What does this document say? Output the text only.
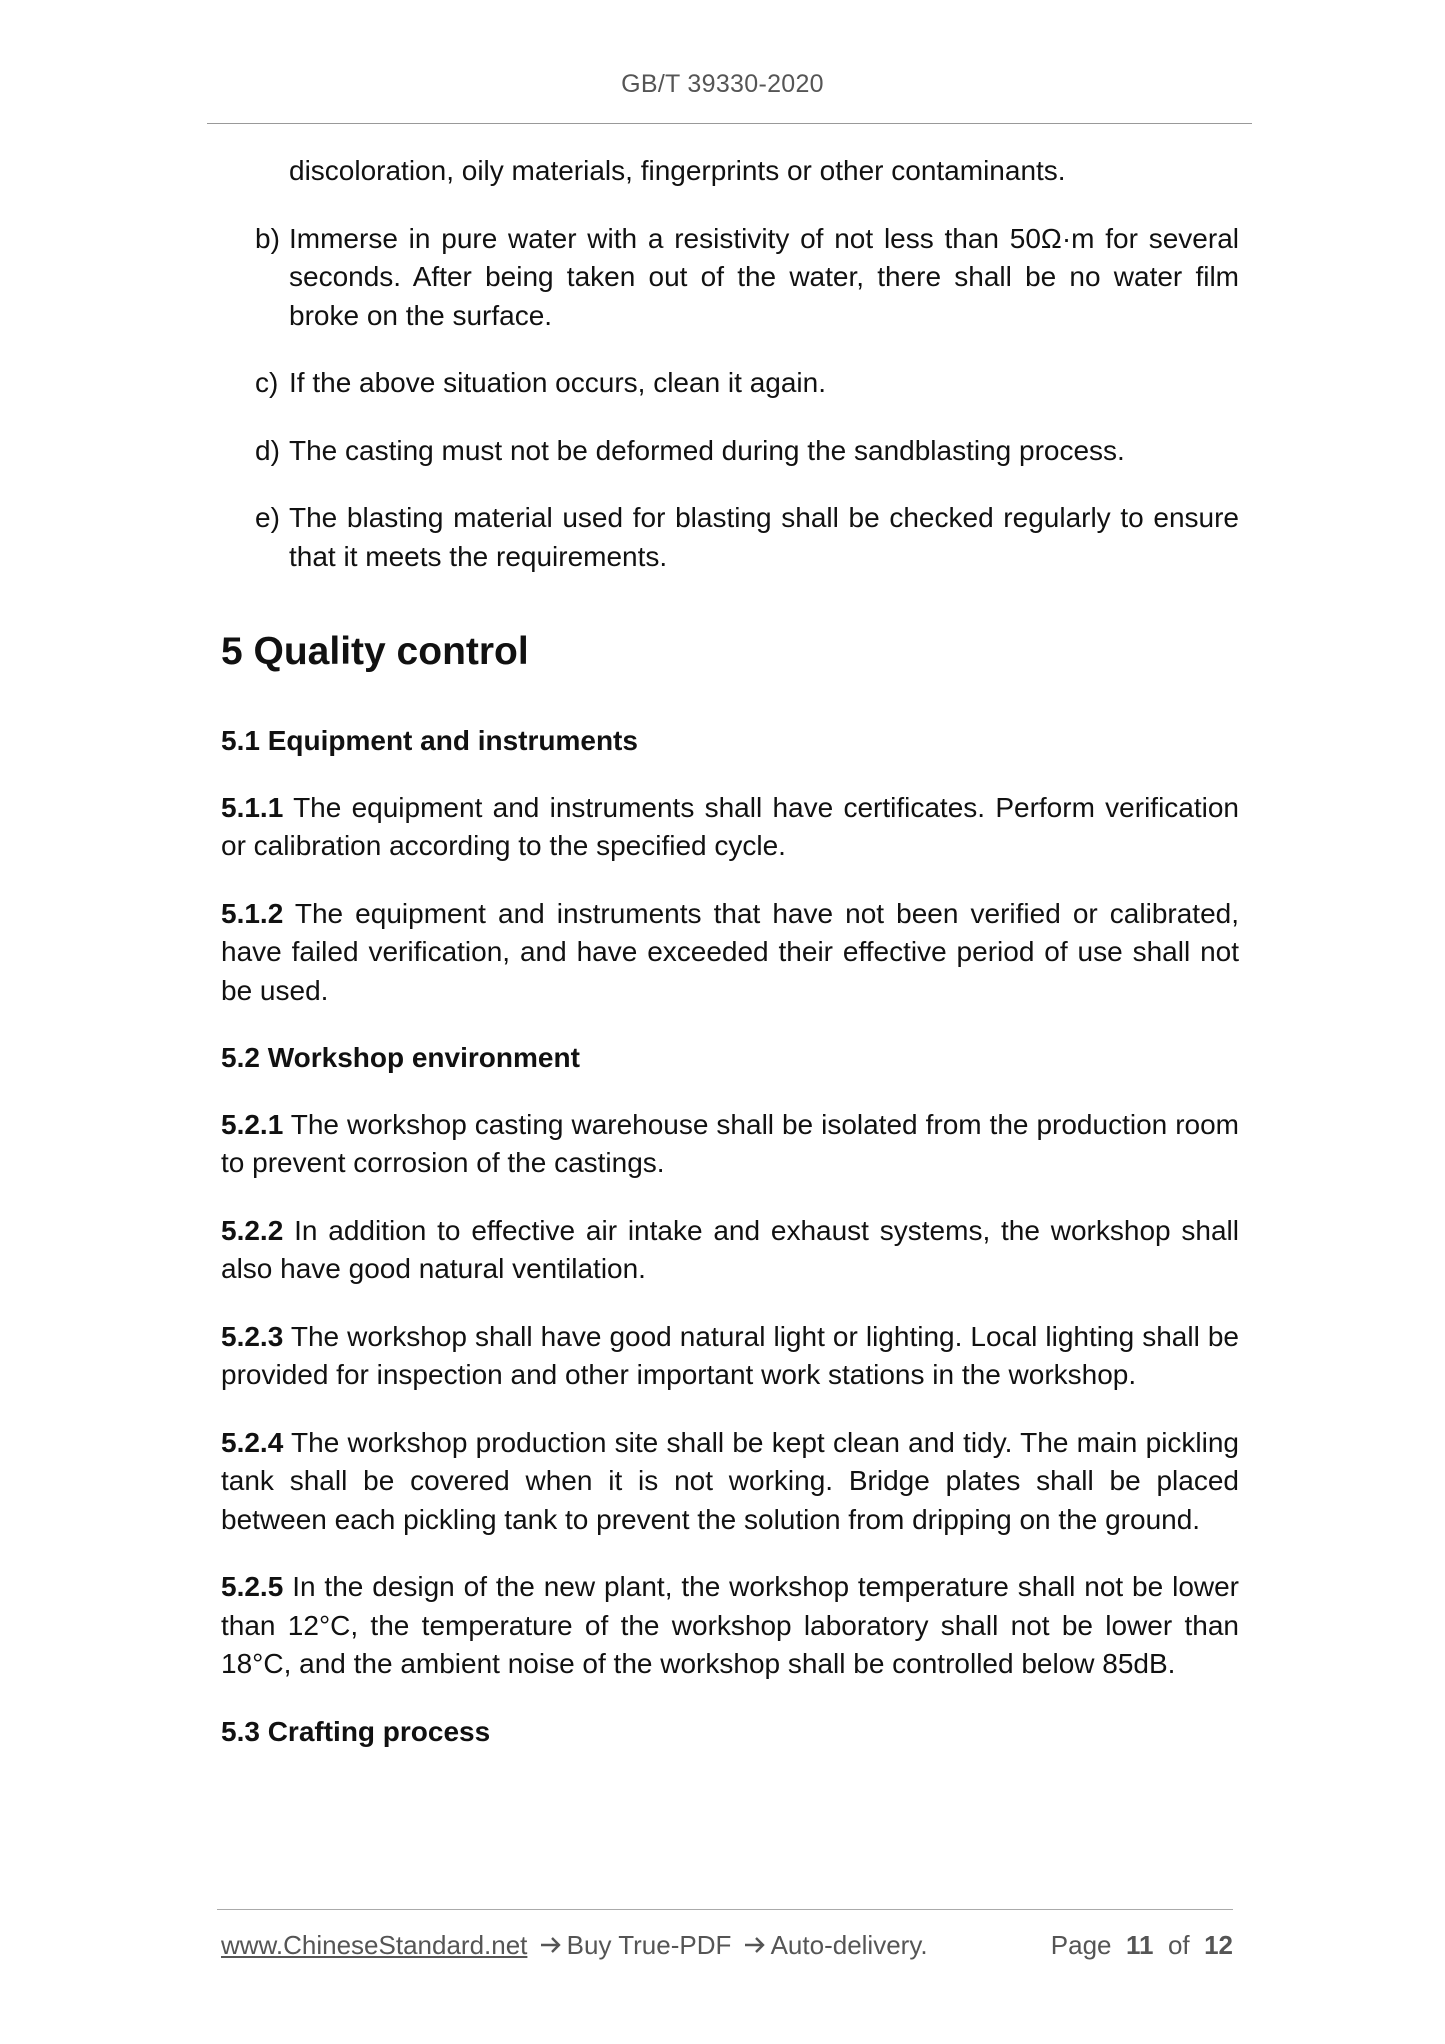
GB/T 39330-2020

discoloration, oily materials, fingerprints or other contaminants.

b) Immerse in pure water with a resistivity of not less than 50Ω·m for several seconds. After being taken out of the water, there shall be no water film broke on the surface.
c) If the above situation occurs, clean it again.
d) The casting must not be deformed during the sandblasting process.
e) The blasting material used for blasting shall be checked regularly to ensure that it meets the requirements.
5 Quality control
5.1 Equipment and instruments

5.1.1 The equipment and instruments shall have certificates. Perform verification or calibration according to the specified cycle.

5.1.2 The equipment and instruments that have not been verified or calibrated, have failed verification, and have exceeded their effective period of use shall not be used.

5.2 Workshop environment

5.2.1 The workshop casting warehouse shall be isolated from the production room to prevent corrosion of the castings.

5.2.2 In addition to effective air intake and exhaust systems, the workshop shall also have good natural ventilation.

5.2.3 The workshop shall have good natural light or lighting. Local lighting shall be provided for inspection and other important work stations in the workshop.

5.2.4 The workshop production site shall be kept clean and tidy. The main pickling tank shall be covered when it is not working. Bridge plates shall be placed between each pickling tank to prevent the solution from dripping on the ground.

5.2.5 In the design of the new plant, the workshop temperature shall not be lower than 12°C, the temperature of the workshop laboratory shall not be lower than 18°C, and the ambient noise of the workshop shall be controlled below 85dB.

5.3 Crafting process
www.ChineseStandard.net Buy True-PDF Auto-delivery.	Page 11 of 12
